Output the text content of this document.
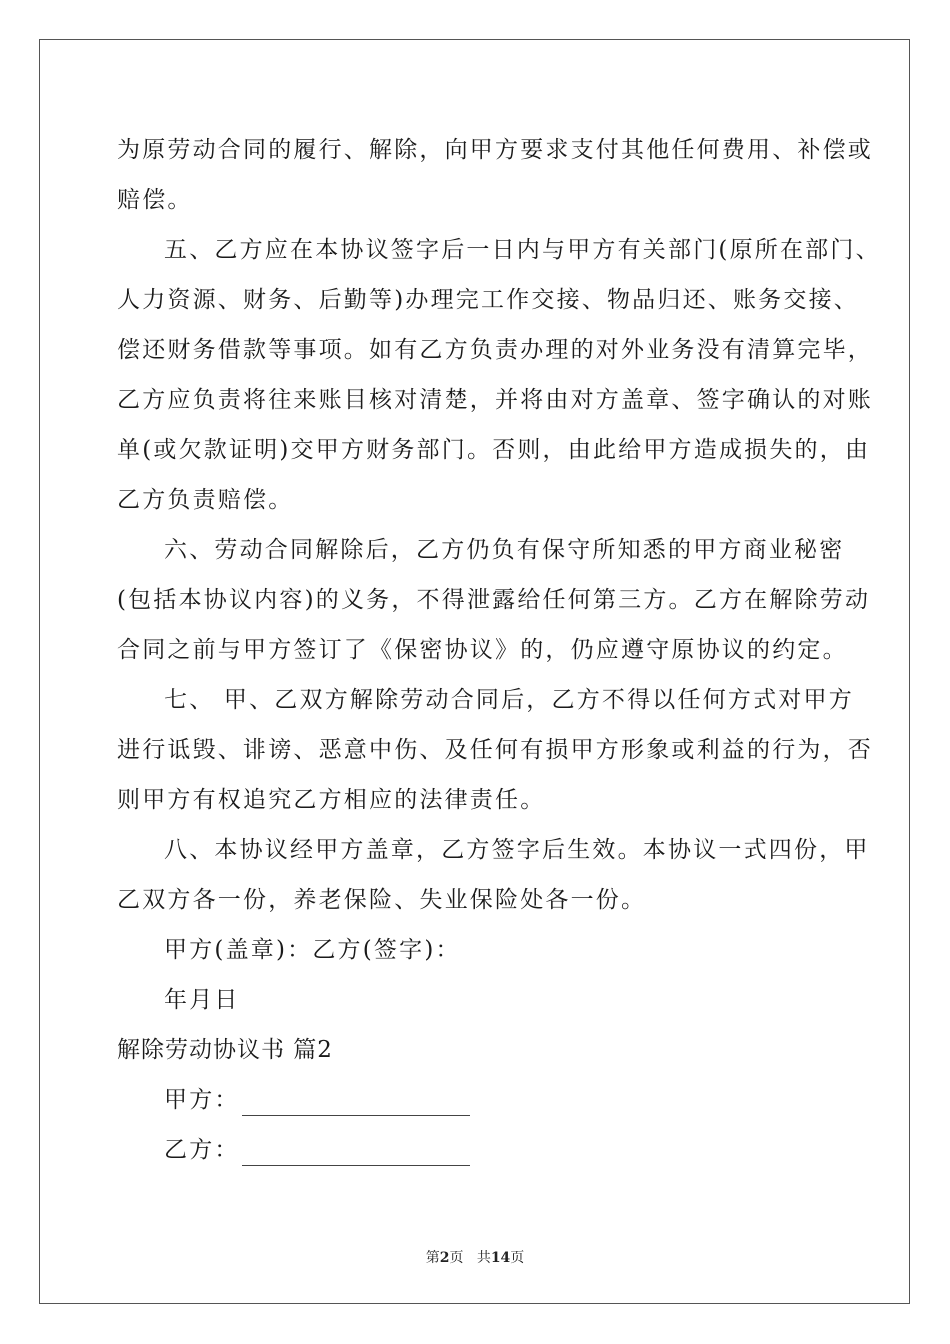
为原劳动合同的履行、解除，向甲方要求支付其他任何费用、补偿或
赔偿。
五、乙方应在本协议签字后一日内与甲方有关部门(原所在部门、
人力资源、财务、后勤等)办理完工作交接、物品归还、账务交接、
偿还财务借款等事项。如有乙方负责办理的对外业务没有清算完毕，
乙方应负责将往来账目核对清楚，并将由对方盖章、签字确认的对账
单(或欠款证明)交甲方财务部门。否则，由此给甲方造成损失的，由
乙方负责赔偿。
六、劳动合同解除后，乙方仍负有保守所知悉的甲方商业秘密
(包括本协议内容)的义务，不得泄露给任何第三方。乙方在解除劳动
合同之前与甲方签订了《保密协议》的，仍应遵守原协议的约定。
七、 甲、乙双方解除劳动合同后，乙方不得以任何方式对甲方
进行诋毁、诽谤、恶意中伤、及任何有损甲方形象或利益的行为，否
则甲方有权追究乙方相应的法律责任。
八、本协议经甲方盖章，乙方签字后生效。本协议一式四份，甲
乙双方各一份，养老保险、失业保险处各一份。
甲方(盖章)：乙方(签字)：
年月日
解除劳动协议书 篇2
甲方：
乙方：
第2页 共14页
